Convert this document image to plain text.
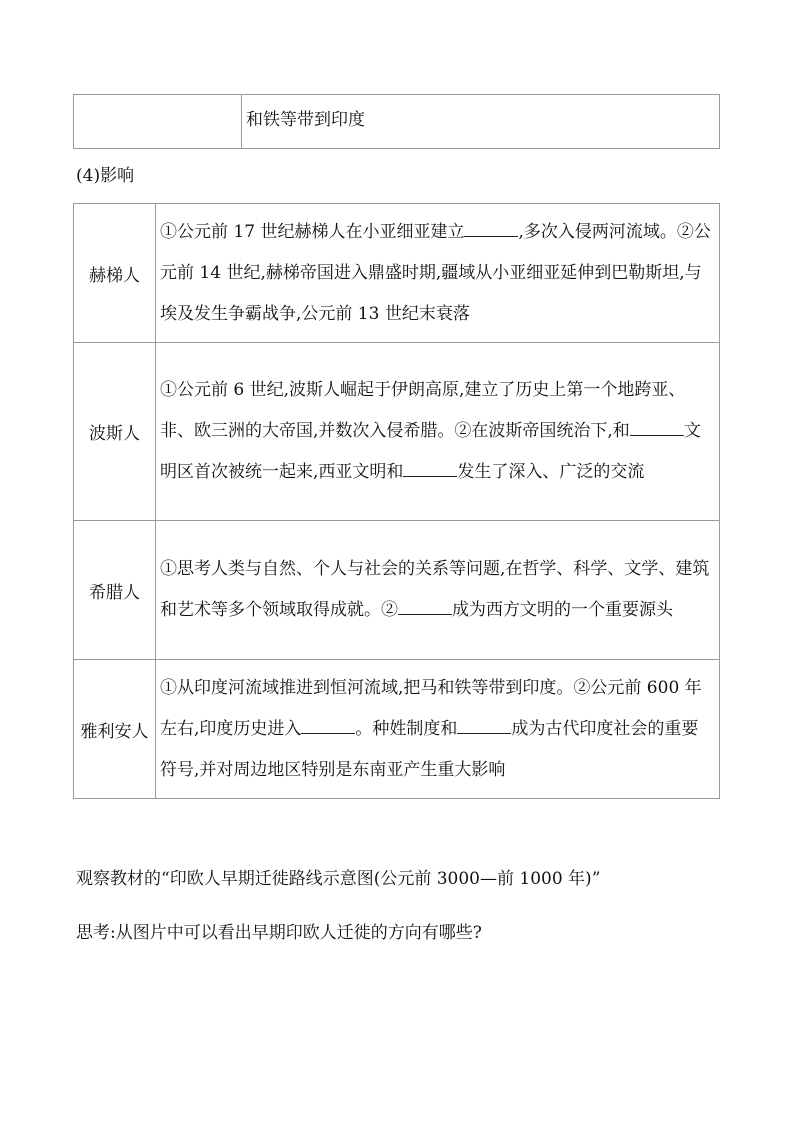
	和铁等带到印度
(4)影响
赫梯人	①公元前 17 世纪赫梯人在小亚细亚建立 ,多次入侵两河流域。②公元前 14 世纪,赫梯帝国进入鼎盛时期,疆域从小亚细亚延伸到巴勒斯坦,与埃及发生争霸战争,公元前 13 世纪末衰落
波斯人	①公元前 6 世纪,波斯人崛起于伊朗高原,建立了历史上第一个地跨亚、非、欧三洲的大帝国,并数次入侵希腊。②在波斯帝国统治下,和 文明区首次被统一起来,西亚文明和 发生了深入、广泛的交流
希腊人	①思考人类与自然、个人与社会的关系等问题,在哲学、科学、文学、建筑和艺术等多个领域取得成就。② 成为西方文明的一个重要源头
雅利安人	①从印度河流域推进到恒河流域,把马和铁等带到印度。②公元前 600 年左右,印度历史进入 。种姓制度和 成为古代印度社会的重要符号,并对周边地区特别是东南亚产生重大影响
观察教材的“印欧人早期迁徙路线示意图(公元前 3000—前 1000 年)”
思考:从图片中可以看出早期印欧人迁徙的方向有哪些?
